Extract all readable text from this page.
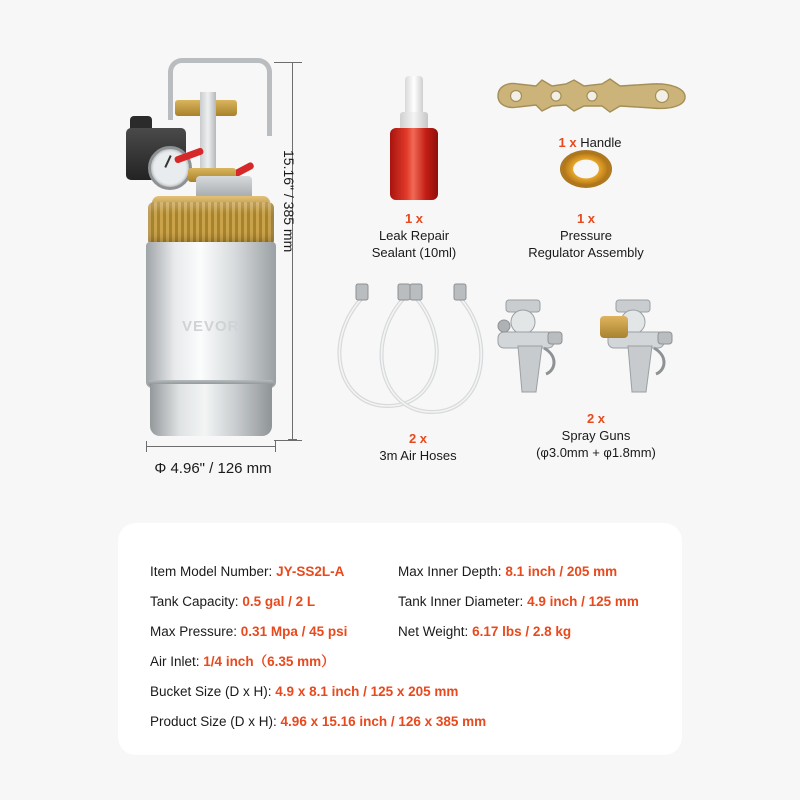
VEVOR
15.16" / 385 mm
Φ 4.96" / 126 mm
1 x
Leak Repair
Sealant (10ml)
1 x Handle
1 x
Pressure
Regulator Assembly
2 x
3m Air Hoses
2 x
Spray Guns
(φ3.0mm + φ1.8mm)
Item Model Number: JY-SS2L-A	Max Inner Depth: 8.1 inch / 205 mm
Tank Capacity: 0.5 gal / 2 L	Tank Inner Diameter: 4.9 inch / 125 mm
Max Pressure: 0.31 Mpa / 45 psi	Net Weight: 6.17 lbs / 2.8 kg
Air Inlet: 1/4 inch（6.35 mm）
Bucket Size (D x H): 4.9 x 8.1 inch / 125 x 205 mm
Product Size (D x H): 4.96 x 15.16 inch / 126 x 385 mm
